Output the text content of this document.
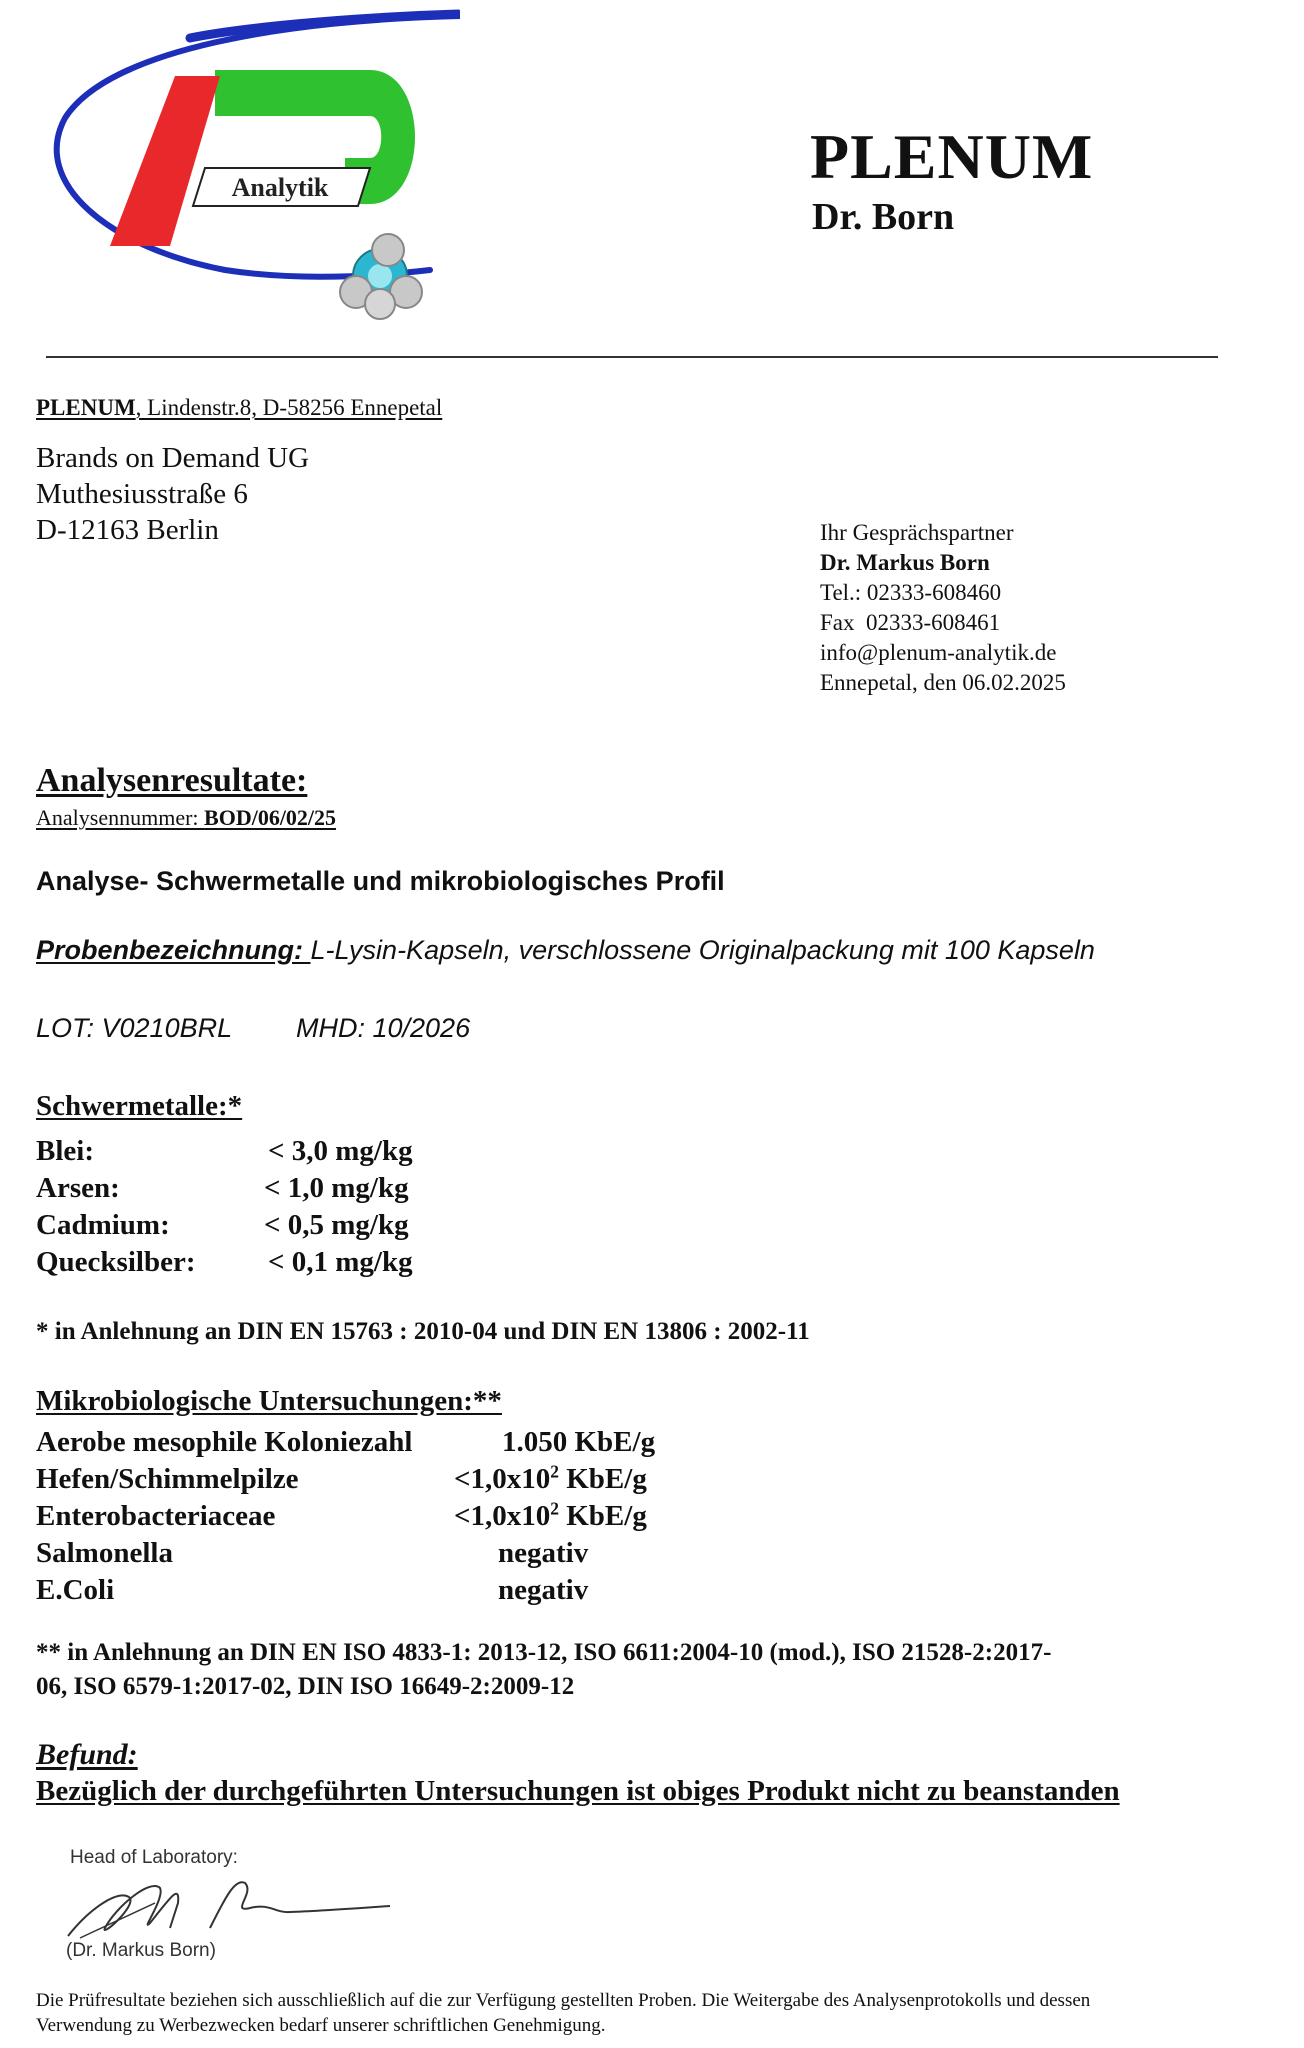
Analytik	PLENUM
Dr. Born
PLENUM, Lindenstr.8, D-58256 Ennepetal
Brands on Demand UG
Muthesiusstraße 6
D-12163 Berlin	Ihr Gesprächspartner
Dr. Markus Born
Tel.: 02333-608460
Fax  02333-608461
info@plenum-analytik.de
Ennepetal, den 06.02.2025
Analysenresultate:
Analysennummer: BOD/06/02/25
Analyse- Schwermetalle und mikrobiologisches Profil
Probenbezeichnung: L-Lysin-Kapseln, verschlossene Originalpackung mit 100 Kapseln
LOT: V0210BRL MHD: 10/2026
Schwermetalle:*
Blei:	< 3,0 mg/kg
Arsen:	< 1,0 mg/kg
Cadmium:	< 0,5 mg/kg
Quecksilber:	< 0,1 mg/kg
* in Anlehnung an DIN EN 15763 : 2010-04 und DIN EN 13806 : 2002-11
Mikrobiologische Untersuchungen:**
Aerobe mesophile Koloniezahl	1.050 KbE/g
Hefen/Schimmelpilze	$<1,0x10^2$ KbE/g
Enterobacteriaceae	$<1,0x10^2$ KbE/g
Salmonella	negativ
E.Coli	negativ
** in Anlehnung an DIN EN ISO 4833-1: 2013-12, ISO 6611:2004-10 (mod.), ISO 21528-2:2017-
06, ISO 6579-1:2017-02, DIN ISO 16649-2:2009-12
Befund:
Bezüglich der durchgeführten Untersuchungen ist obiges Produkt nicht zu beanstanden
Head of Laboratory:
(Dr. Markus Born)
Die Prüfresultate beziehen sich ausschließlich auf die zur Verfügung gestellten Proben. Die Weitergabe des Analysenprotokolls und dessen
Verwendung zu Werbezwecken bedarf unserer schriftlichen Genehmigung.
